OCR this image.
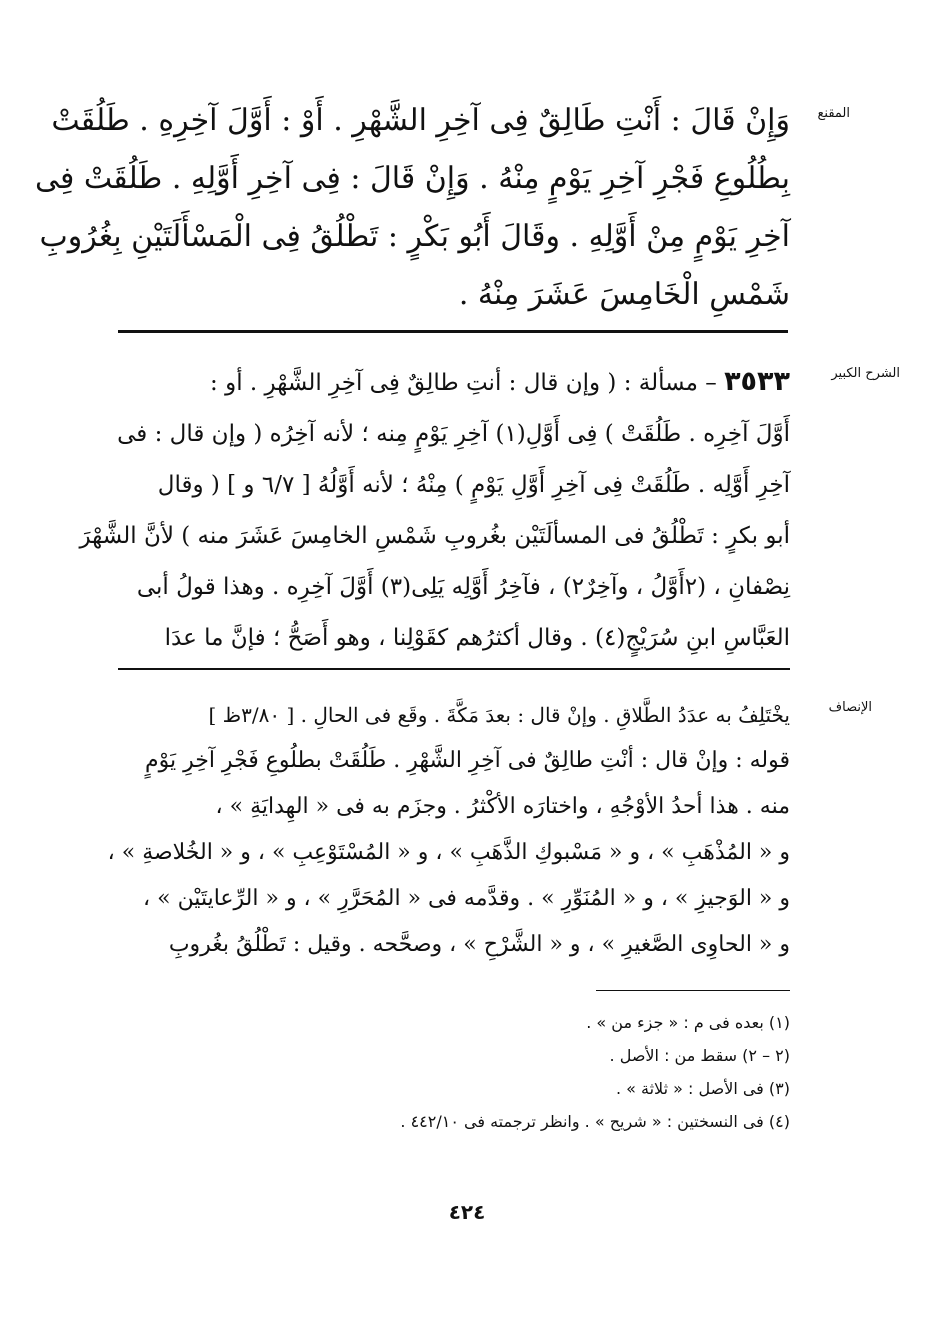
المقنع

وَإِنْ قَالَ : أَنْتِ طَالِقٌ فِى آخِرِ الشَّهْرِ . أَوْ : أَوَّلَ آخِرِهِ . طَلُقَتْ

بِطُلُوعِ فَجْرِ آخِرِ يَوْمٍ مِنْهُ . وَإِنْ قَالَ : فِى آخِرِ أَوَّلِهِ . طَلُقَتْ فِى

آخِرِ يَوْمٍ مِنْ أَوَّلِهِ . وقَالَ أَبُو بَكْرٍ : تَطْلُقُ فِى الْمَسْأَلَتَيْنِ بِغُرُوبِ

شَمْسِ الْخَامِسَ عَشَرَ مِنْهُ .

الشرح الكبير

٣٥٣٣ – مسألة : ( وإن قال : أنتِ طالِقٌ فِى آخِرِ الشَّهْرِ . أو :

أَوَّلَ آخِرِه . طَلُقَتْ ) فِى أَوَّلِ(١) آخِرِ يَوْمٍ مِنه ؛ لأنه آخِرُه ( وإن قال : فى

آخِرِ أَوَّلِه . طَلُقَتْ فِى آخِرِ أَوَّلِ يَوْمٍ ) مِنْهُ ؛ لأنه أَوَّلُهُ [ ٦/٧ و ] ( وقال

أبو بكرٍ : تَطْلُقُ فى المسألَتَيْن بغُروبِ شَمْسِ الخامِسَ عَشَرَ منه ) لأنَّ الشَّهْرَ

نِصْفانِ ، (٢أَوَّلُ ، وآخِرٌ٢) ، فآخِرُ أَوَّلِه يَلِى(٣) أَوَّلَ آخِرِه . وهذا قولُ أبى

العَبَّاسِ ابنِ سُرَيْجٍ(٤) . وقال أكثرُهم كقَوْلِنا ، وهو أَصَحُّ ؛ فإنَّ ما عدَا

الإنصاف

يخْتَلِفُ به عدَدُ الطَّلاقِ . وإنْ قال : بعدَ مَكَّةَ . وقَع فى الحالِ . [ ٣/٨٠ظ ]

قوله : وإنْ قال : أنْتِ طالِقٌ فى آخِرِ الشَّهْرِ . طَلُقَتْ بطلُوعِ فَجْرِ آخِرِ يَوْمٍ

منه . هذا أحدُ الأوْجُهِ ، واختارَه الأكْثرُ . وجزَم به فى « الهِدايَةِ » ،

و « المُذْهَبِ » ، و « مَسْبوكِ الذَّهَبِ » ، و « المُسْتَوْعِبِ » ، و « الخُلاصةِ » ،

و « الوَجيزِ » ، و « المُنَوِّرِ » . وقدَّمه فى « المُحَرَّرِ » ، و « الرِّعايتَيْن » ،

و « الحاوِى الصَّغيرِ » ، و « الشَّرْحِ » ، وصحَّحه . وقيل : تَطْلُقُ بغُروبِ

(١) بعده فى م : « جزء من » .

(٢ – ٢) سقط من : الأصل .

(٣) فى الأصل : « ثلاثة » .

(٤) فى النسختين : « شريح » . وانظر ترجمته فى ٤٤٢/١٠ .

٤٢٤
